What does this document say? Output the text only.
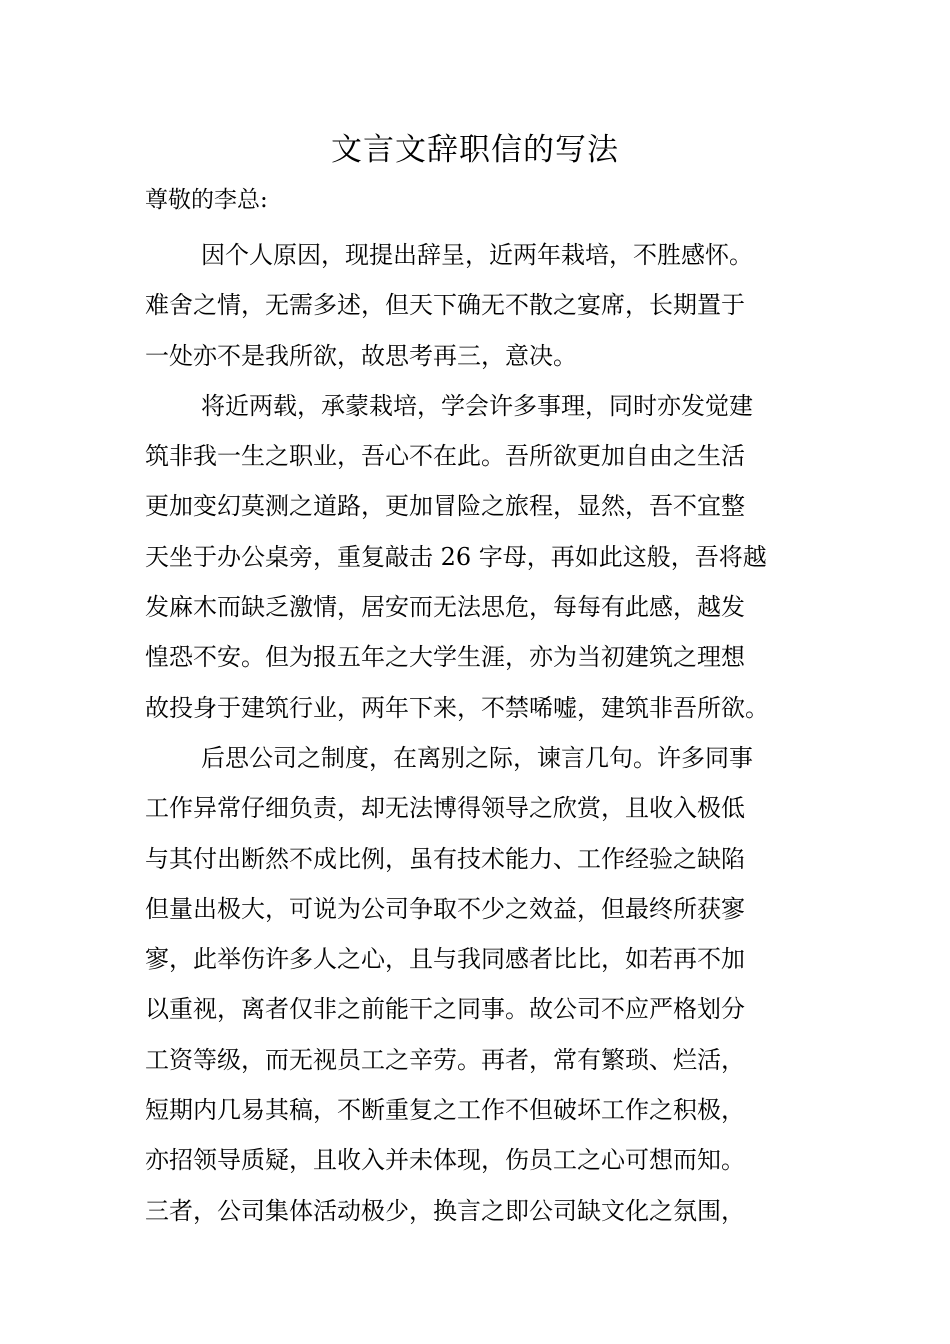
文言文辞职信的写法
尊敬的李总:
因个人原因，现提出辞呈，近两年栽培，不胜感怀。
难舍之情，无需多述，但天下确无不散之宴席，长期置于
一处亦不是我所欲，故思考再三，意决。
将近两载，承蒙栽培，学会许多事理，同时亦发觉建
筑非我一生之职业，吾心不在此。吾所欲更加自由之生活
更加变幻莫测之道路，更加冒险之旅程，显然，吾不宜整
天坐于办公桌旁，重复敲击 26 字母，再如此这般，吾将越
发麻木而缺乏激情，居安而无法思危，每每有此感，越发
惶恐不安。但为报五年之大学生涯，亦为当初建筑之理想
故投身于建筑行业，两年下来，不禁唏嘘，建筑非吾所欲。
后思公司之制度，在离别之际，谏言几句。许多同事
工作异常仔细负责，却无法博得领导之欣赏，且收入极低
与其付出断然不成比例，虽有技术能力、工作经验之缺陷
但量出极大，可说为公司争取不少之效益，但最终所获寥
寥，此举伤许多人之心，且与我同感者比比，如若再不加
以重视，离者仅非之前能干之同事。故公司不应严格划分
工资等级，而无视员工之辛劳。再者，常有繁琐、烂活，
短期内几易其稿，不断重复之工作不但破坏工作之积极，
亦招领导质疑，且收入并未体现，伤员工之心可想而知。
三者，公司集体活动极少，换言之即公司缺文化之氛围，
